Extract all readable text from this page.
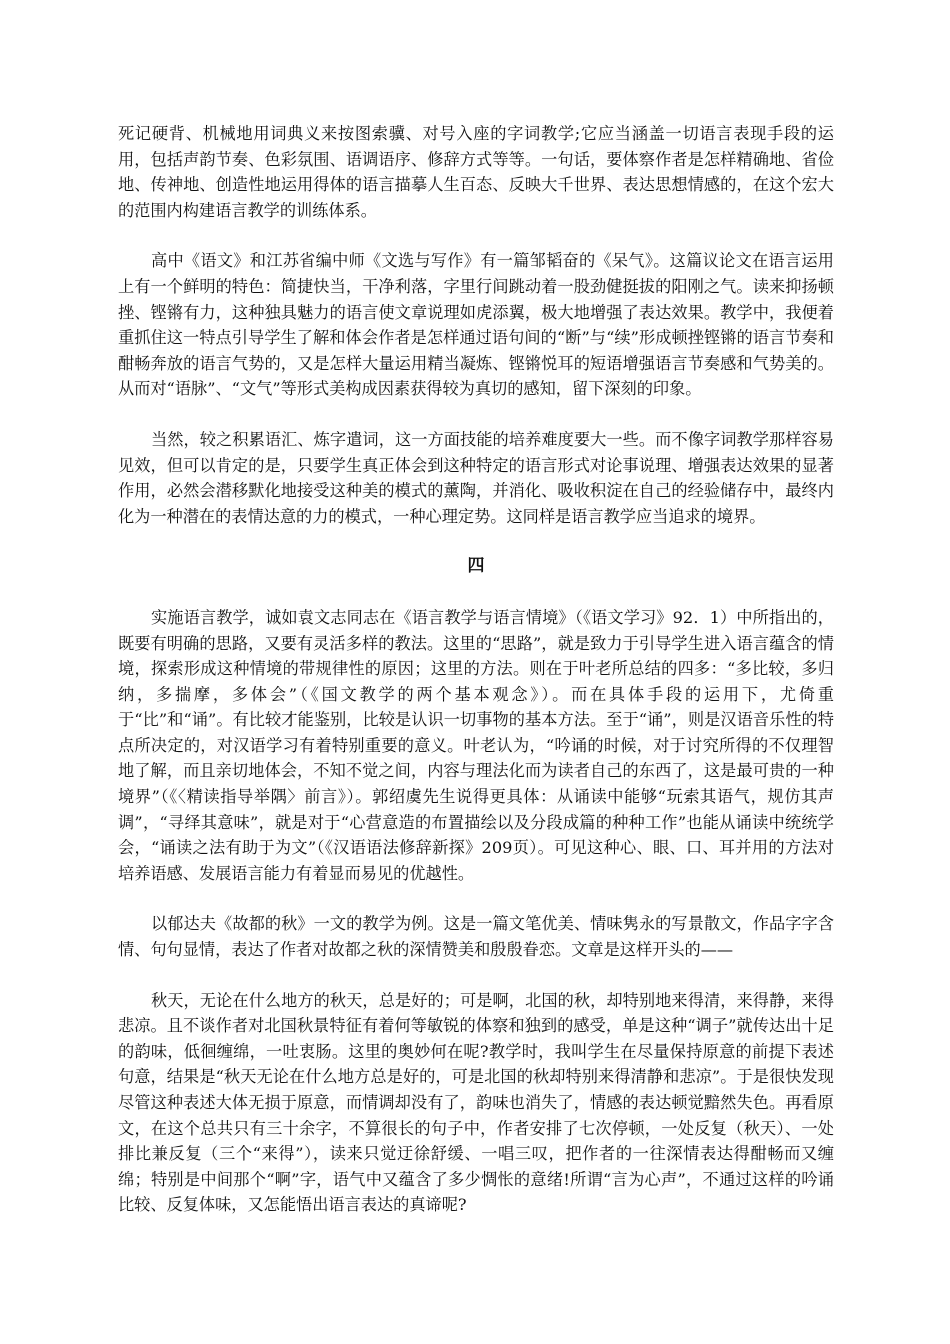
死记硬背、机械地用词典义来按图索骥、对号入座的字词教学;它应当涵盖一切语言表现手段的运用，包括声韵节奏、色彩氛围、语调语序、修辞方式等等。一句话，要体察作者是怎样精确地、省俭地、传神地、创造性地运用得体的语言描摹人生百态、反映大千世界、表达思想情感的，在这个宏大的范围内构建语言教学的训练体系。

高中《语文》和江苏省编中师《文选与写作》有一篇邹韬奋的《呆气》。这篇议论文在语言运用上有一个鲜明的特色：简捷快当，干净利落，字里行间跳动着一股劲健挺拔的阳刚之气。读来抑扬顿挫、铿锵有力，这种独具魅力的语言使文章说理如虎添翼，极大地增强了表达效果。教学中，我便着重抓住这一特点引导学生了解和体会作者是怎样通过语句间的“断”与“续”形成顿挫铿锵的语言节奏和酣畅奔放的语言气势的，又是怎样大量运用精当凝炼、铿锵悦耳的短语增强语言节奏感和气势美的。从而对“语脉”、“文气”等形式美构成因素获得较为真切的感知，留下深刻的印象。

当然，较之积累语汇、炼字遣词，这一方面技能的培养难度要大一些。而不像字词教学那样容易见效，但可以肯定的是，只要学生真正体会到这种特定的语言形式对论事说理、增强表达效果的显著作用，必然会潜移默化地接受这种美的模式的薰陶，并消化、吸收积淀在自己的经验储存中，最终内化为一种潜在的表情达意的力的模式，一种心理定势。这同样是语言教学应当追求的境界。

四

实施语言教学，诚如袁文志同志在《语言教学与语言情境》（《语文学习》92．1）中所指出的，既要有明确的思路，又要有灵活多样的教法。这里的“思路”，就是致力于引导学生进入语言蕴含的情境，探索形成这种情境的带规律性的原因；这里的方法。则在于叶老所总结的四多：“多比较，多归纳，多揣摩，多体会”（《国文教学的两个基本观念》）。而在具体手段的运用下，尤倚重于“比”和“诵”。有比较才能鉴别，比较是认识一切事物的基本方法。至于“诵”，则是汉语音乐性的特点所决定的，对汉语学习有着特别重要的意义。叶老认为，“吟诵的时候，对于讨究所得的不仅理智地了解，而且亲切地体会，不知不觉之间，内容与理法化而为读者自己的东西了，这是最可贵的一种境界”（《〈精读指导举隅〉前言》）。郭绍虞先生说得更具体：从诵读中能够“玩索其语气，规仿其声调”，“寻绎其意味”，就是对于“心营意造的布置描绘以及分段成篇的种种工作”也能从诵读中统统学会，“诵读之法有助于为文”（《汉语语法修辞新探》209页）。可见这种心、眼、口、耳并用的方法对培养语感、发展语言能力有着显而易见的优越性。

以郁达夫《故都的秋》一文的教学为例。这是一篇文笔优美、情味隽永的写景散文，作品字字含情、句句显情，表达了作者对故都之秋的深情赞美和殷殷眷恋。文章是这样开头的——

秋天，无论在什么地方的秋天，总是好的；可是啊，北国的秋，却特别地来得清，来得静，来得悲凉。且不谈作者对北国秋景特征有着何等敏锐的体察和独到的感受，单是这种“调子”就传达出十足的韵味，低徊缠绵，一吐衷肠。这里的奥妙何在呢?教学时，我叫学生在尽量保持原意的前提下表述句意，结果是“秋天无论在什么地方总是好的，可是北国的秋却特别来得清静和悲凉”。于是很快发现尽管这种表述大体无损于原意，而情调却没有了，韵味也消失了，情感的表达顿觉黯然失色。再看原文，在这个总共只有三十余字，不算很长的句子中，作者安排了七次停顿，一处反复（秋天）、一处排比兼反复（三个“来得”），读来只觉迂徐舒缓、一唱三叹，把作者的一往深情表达得酣畅而又缠绵；特别是中间那个“啊”字，语气中又蕴含了多少惆怅的意绪!所谓“言为心声”，不通过这样的吟诵比较、反复体味，又怎能悟出语言表达的真谛呢?
